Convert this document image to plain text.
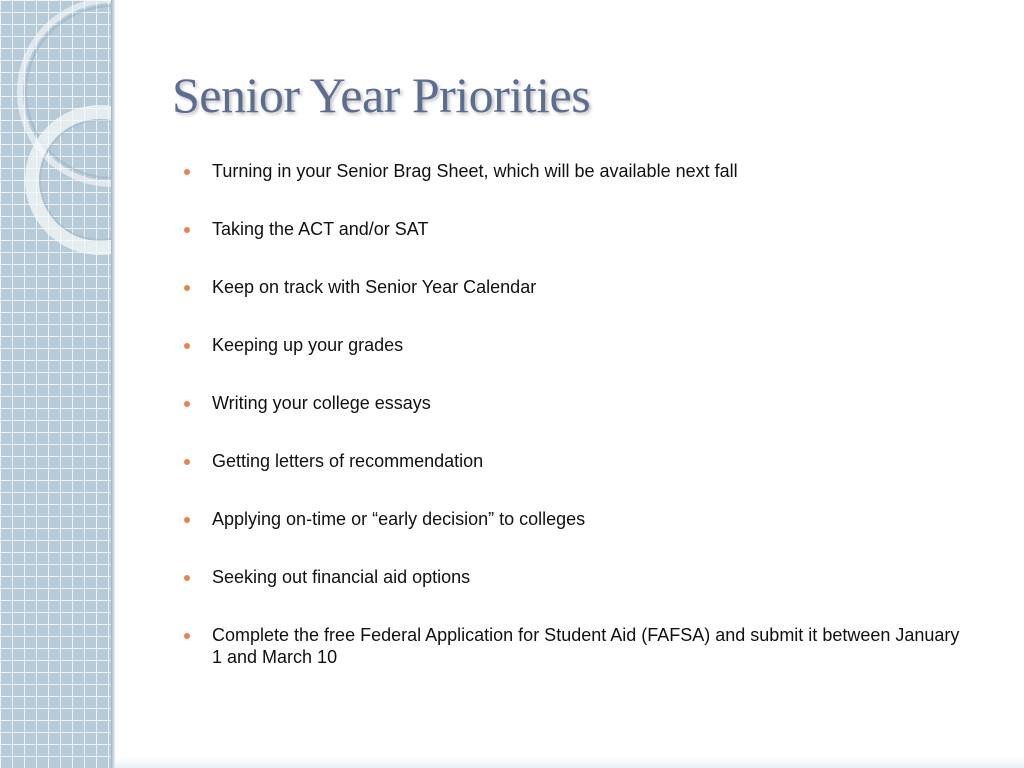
Senior Year Priorities
Turning in your Senior Brag Sheet, which will be available next fall
Taking the ACT and/or SAT
Keep on track with Senior Year Calendar
Keeping up your grades
Writing your college essays
Getting letters of recommendation
Applying on-time or “early decision” to colleges
Seeking out financial aid options
Complete the free Federal Application for Student Aid (FAFSA) and submit it between January 1 and March 10
